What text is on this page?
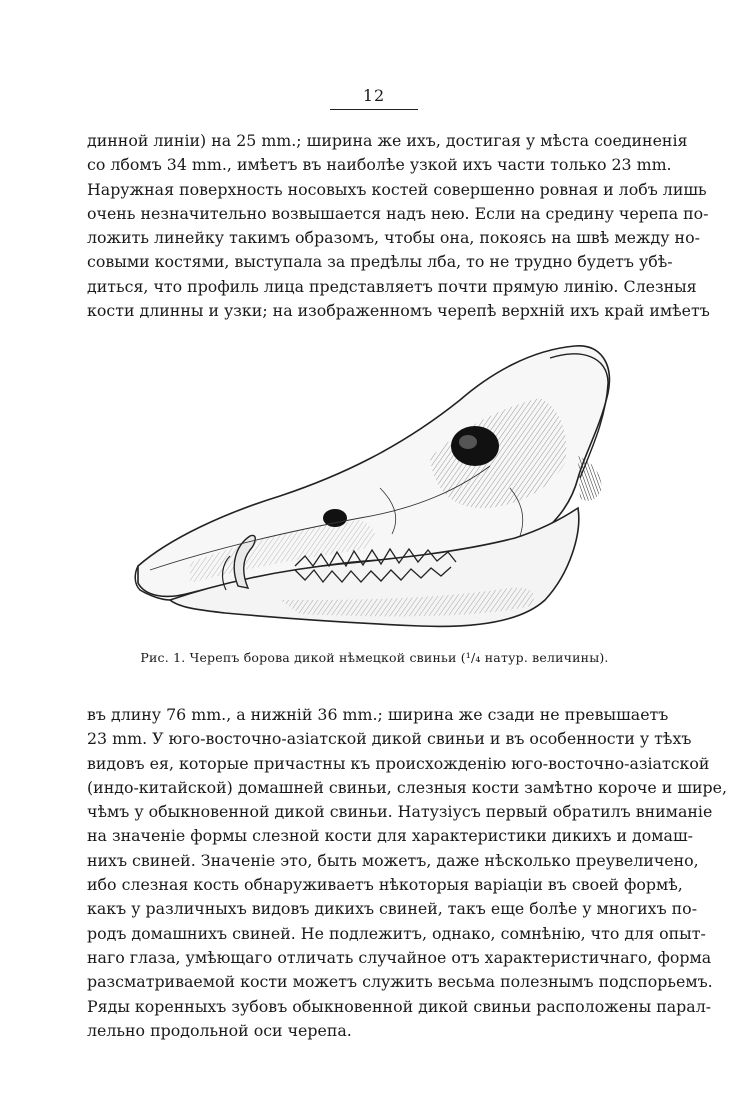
12
динной линіи) на 25 mm.; ширина же ихъ, достигая у мѣста соединенія
со лбомъ 34 mm., имѣетъ въ наиболѣе узкой ихъ части только 23 mm.
Наружная поверхность носовыхъ костей совершенно ровная и лобъ лишь
очень незначительно возвышается надъ нею. Если на средину черепа по-
ложить линейку такимъ образомъ, чтобы она, покоясь на швѣ между но-
совыми костями, выступала за предѣлы лба, то не трудно будетъ убѣ-
диться, что профиль лица представляетъ почти прямую линію. Слезныя
кости длинны и узки; на изображенномъ черепѣ верхній ихъ край имѣетъ
Рис. 1. Черепъ борова дикой нѣмецкой свиньи (¹/₄ натур. величины).
въ длину 76 mm., а нижній 36 mm.; ширина же сзади не превышаетъ
23 mm. У юго-восточно-азіатской дикой свиньи и въ особенности у тѣхъ
видовъ ея, которые причастны къ происхожденію юго-восточно-азіатской
(индо-китайской) домашней свиньи, слезныя кости замѣтно короче и шире,
чѣмъ у обыкновенной дикой свиньи. Натузіусъ первый обратилъ вниманіе
на значеніе формы слезной кости для характеристики дикихъ и домаш-
нихъ свиней. Значеніе это, быть можетъ, даже нѣсколько преувеличено,
ибо слезная кость обнаруживаетъ нѣкоторыя варіаціи въ своей формѣ,
какъ у различныхъ видовъ дикихъ свиней, такъ еще болѣе у многихъ по-
родъ домашнихъ свиней. Не подлежитъ, однако, сомнѣнію, что для опыт-
наго глаза, умѣющаго отличать случайное отъ характеристичнаго, форма
разсматриваемой кости можетъ служить весьма полезнымъ подспорьемъ.
Ряды коренныхъ зубовъ обыкновенной дикой свиньи расположены парал-
лельно продольной оси черепа.
